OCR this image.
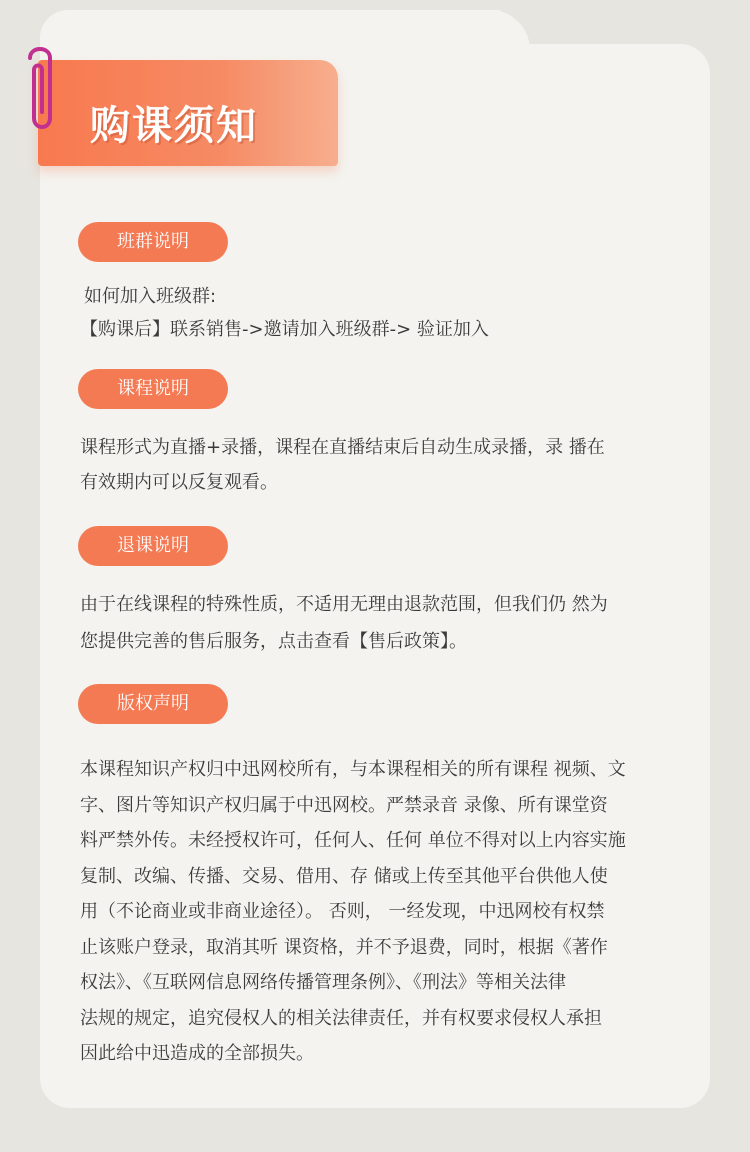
购课须知
班群说明
如何加入班级群:
【购课后】联系销售->邀请加入班级群-> 验证加入
课程说明
课程形式为直播+录播，课程在直播结束后自动生成录播，录 播在
有效期内可以反复观看。
退课说明
由于在线课程的特殊性质，不适用无理由退款范围，但我们仍 然为
您提供完善的售后服务，点击查看【售后政策】。
版权声明
本课程知识产权归中迅网校所有，与本课程相关的所有课程 视频、文
字、图片等知识产权归属于中迅网校。严禁录音 录像、所有课堂资
料严禁外传。未经授权许可，任何人、任何 单位不得对以上内容实施
复制、改编、传播、交易、借用、存 储或上传至其他平台供他人使
用（不论商业或非商业途径）。 否则， 一经发现，中迅网校有权禁
止该账户登录，取消其听 课资格，并不予退费，同时，根据《著作
权法》、《互联网信息网络传播管理条例》、《刑法》等相关法律
法规的规定，追究侵权人的相关法律责任，并有权要求侵权人承担
因此给中迅造成的全部损失。
